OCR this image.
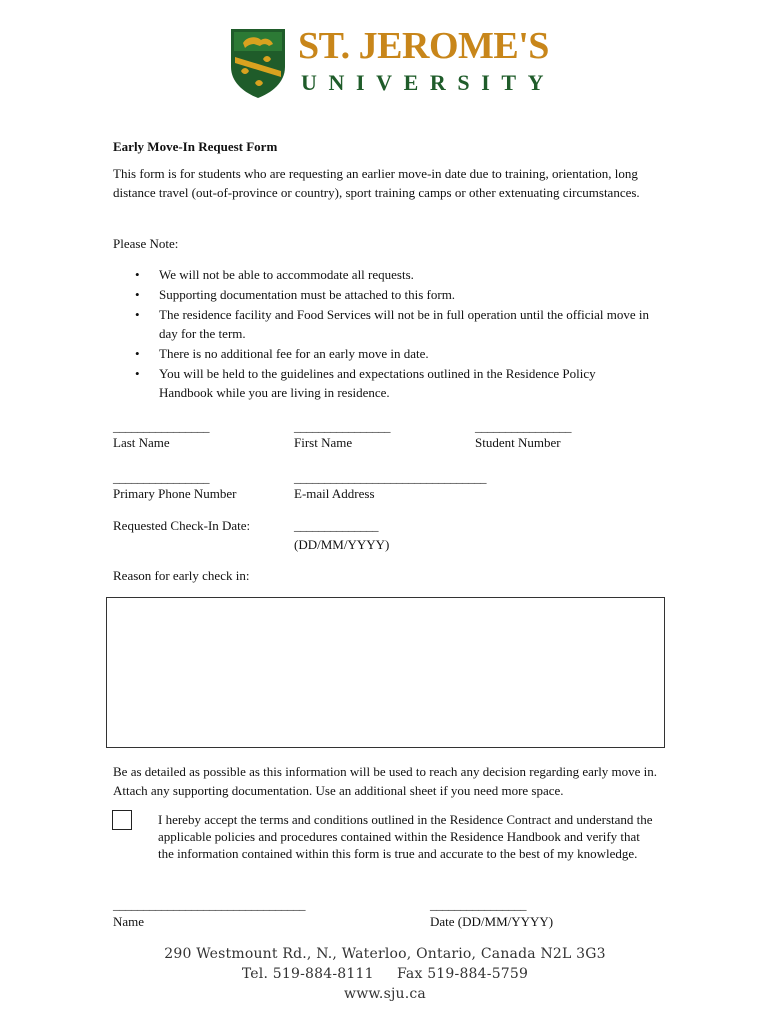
ST. JEROME'S
UNIVERSITY
Early Move-In Request Form
This form is for students who are requesting an earlier move-in date due to training, orientation, long distance travel (out-of-province or country), sport training camps or other extenuating circumstances.
Please Note:
• We will not be able to accommodate all requests.
• Supporting documentation must be attached to this form.
• The residence facility and Food Services will not be in full operation until the official move in day for the term.
• There is no additional fee for an early move in date.
• You will be held to the guidelines and expectations outlined in the Residence Policy Handbook while you are living in residence.
________________	________________	________________
Last Name	First Name	Student Number
________________	________________________________
Primary Phone Number	E-mail Address
Requested Check-In Date:	______________
(DD/MM/YYYY)
Reason for early check in:
Be as detailed as possible as this information will be used to reach any decision regarding early move in. Attach any supporting documentation. Use an additional sheet if you need more space.
I hereby accept the terms and conditions outlined in the Residence Contract and understand the applicable policies and procedures contained within the Residence Handbook and verify that the information contained within this form is true and accurate to the best of my knowledge.
________________________________	________________
Name	Date (DD/MM/YYYY)
290 Westmount Rd., N., Waterloo, Ontario, Canada N2L 3G3
Tel. 519-884-8111     Fax 519-884-5759
www.sju.ca
